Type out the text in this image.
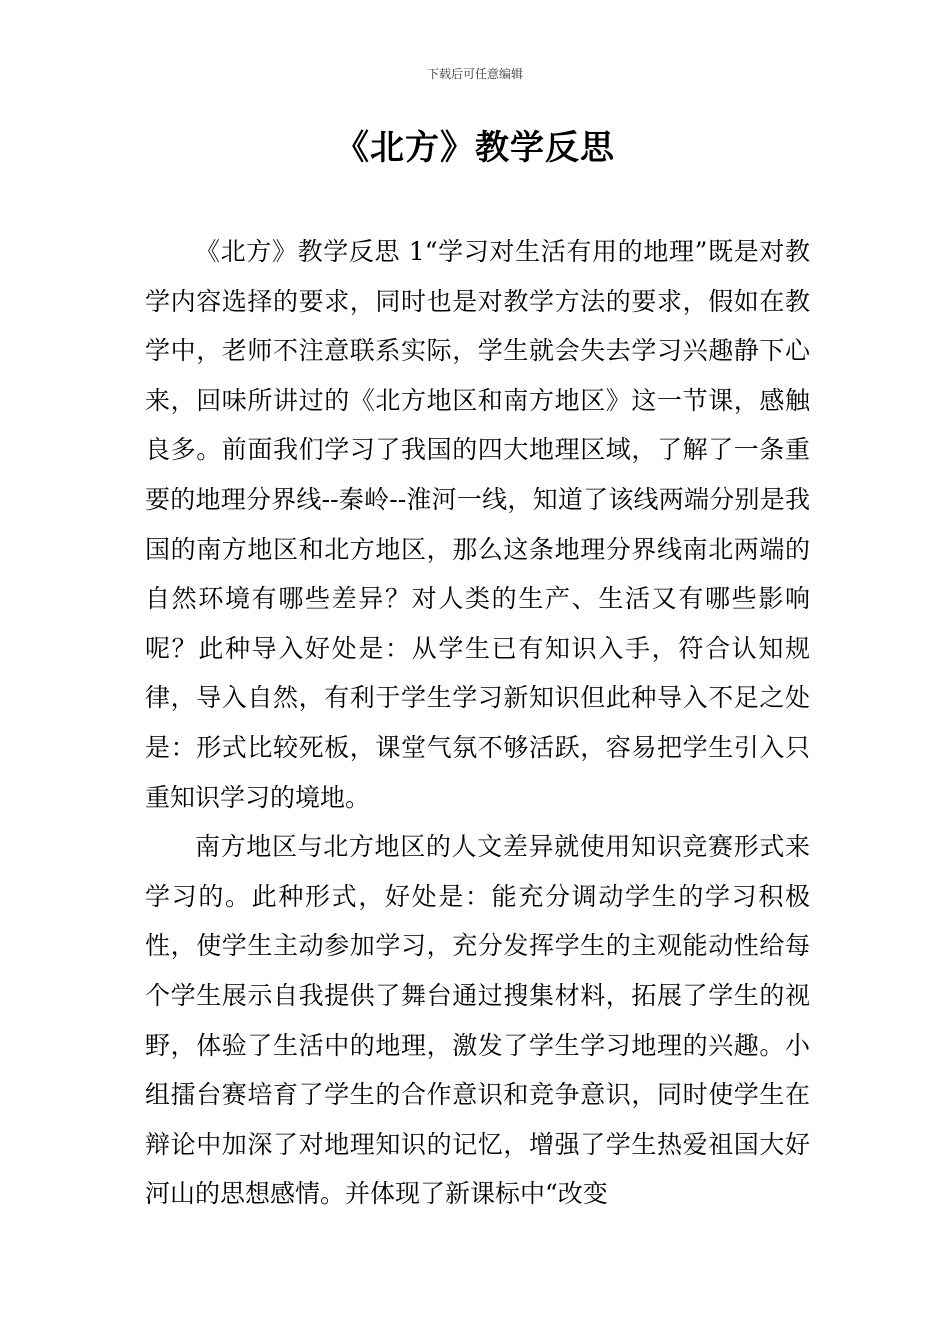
下载后可任意编辑
《北方》教学反思

《北方》教学反思 1“学习对生活有用的地理”既是对教学内容选择的要求，同时也是对教学方法的要求，假如在教学中，老师不注意联系实际，学生就会失去学习兴趣静下心来，回味所讲过的《北方地区和南方地区》这一节课，感触良多。前面我们学习了我国的四大地理区域，了解了一条重要的地理分界线--秦岭--淮河一线，知道了该线两端分别是我国的南方地区和北方地区，那么这条地理分界线南北两端的自然环境有哪些差异？对人类的生产、生活又有哪些影响呢？此种导入好处是：从学生已有知识入手，符合认知规律，导入自然，有利于学生学习新知识但此种导入不足之处是：形式比较死板，课堂气氛不够活跃，容易把学生引入只重知识学习的境地。

南方地区与北方地区的人文差异就使用知识竞赛形式来学习的。此种形式，好处是：能充分调动学生的学习积极性，使学生主动参加学习，充分发挥学生的主观能动性给每个学生展示自我提供了舞台通过搜集材料，拓展了学生的视野，体验了生活中的地理，激发了学生学习地理的兴趣。小组擂台赛培育了学生的合作意识和竞争意识，同时使学生在辩论中加深了对地理知识的记忆，增强了学生热爱祖国大好河山的思想感情。并体现了新课标中“改变
